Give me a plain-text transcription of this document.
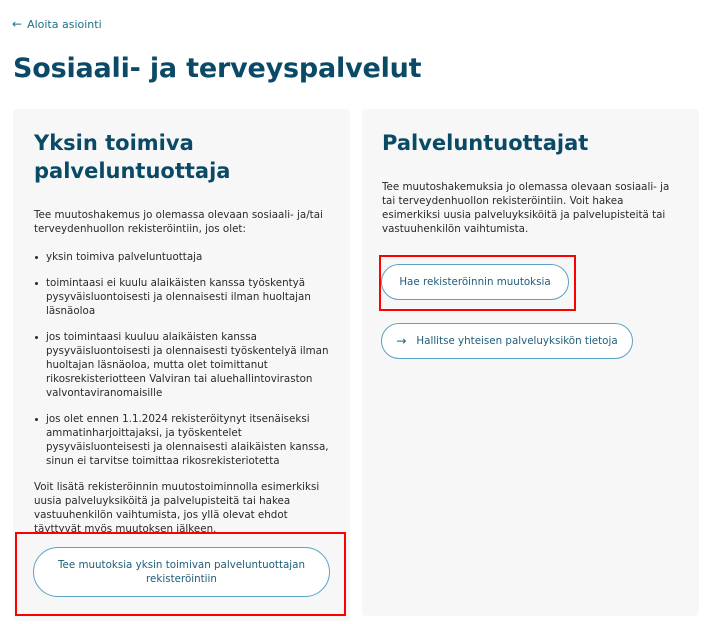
← Aloita asiointi
Sosiaali- ja terveyspalvelut
Yksin toimiva
palveluntuottaja

Tee muutoshakemus jo olemassa olevaan sosiaali- ja/tai terveydenhuollon rekisteröintiin, jos olet:

yksin toimiva palveluntuottaja
toimintaasi ei kuulu alaikäisten kanssa työskentyä pysyväisluontoisesti ja olennaisesti ilman huoltajan läsnäoloa
jos toimintaasi kuuluu alaikäisten kanssa pysyväisluontoisesti ja olennaisesti työskentelyä ilman huoltajan läsnäoloa, mutta olet toimittanut rikosrekisteriotteen Valviran tai aluehallintoviraston valvontaviranomaisille
jos olet ennen 1.1.2024 rekisteröitynyt itsenäiseksi ammatinharjoittajaksi, ja työskentelet pysyväisluonteisesti ja olennaisesti alaikäisten kanssa, sinun ei tarvitse toimittaa rikosrekisteriotetta

Voit lisätä rekisteröinnin muutostoiminnolla esimerkiksi uusia palveluyksiköitä ja palvelupisteitä tai hakea vastuuhenkilön vaihtumista, jos yllä olevat ehdot täyttyvät myös muutoksen jälkeen.

Tee muutoksia yksin toimivan palveluntuottajan rekisteröintiin
Palveluntuottajat

Tee muutoshakemuksia jo olemassa olevaan sosiaali- ja tai terveydenhuollon rekisteröintiin. Voit hakea esimerkiksi uusia palveluyksiköitä ja palvelupisteitä tai vastuuhenkilön vaihtumista.

Hae rekisteröinnin muutoksia
→ Hallitse yhteisen palveluyksikön tietoja
